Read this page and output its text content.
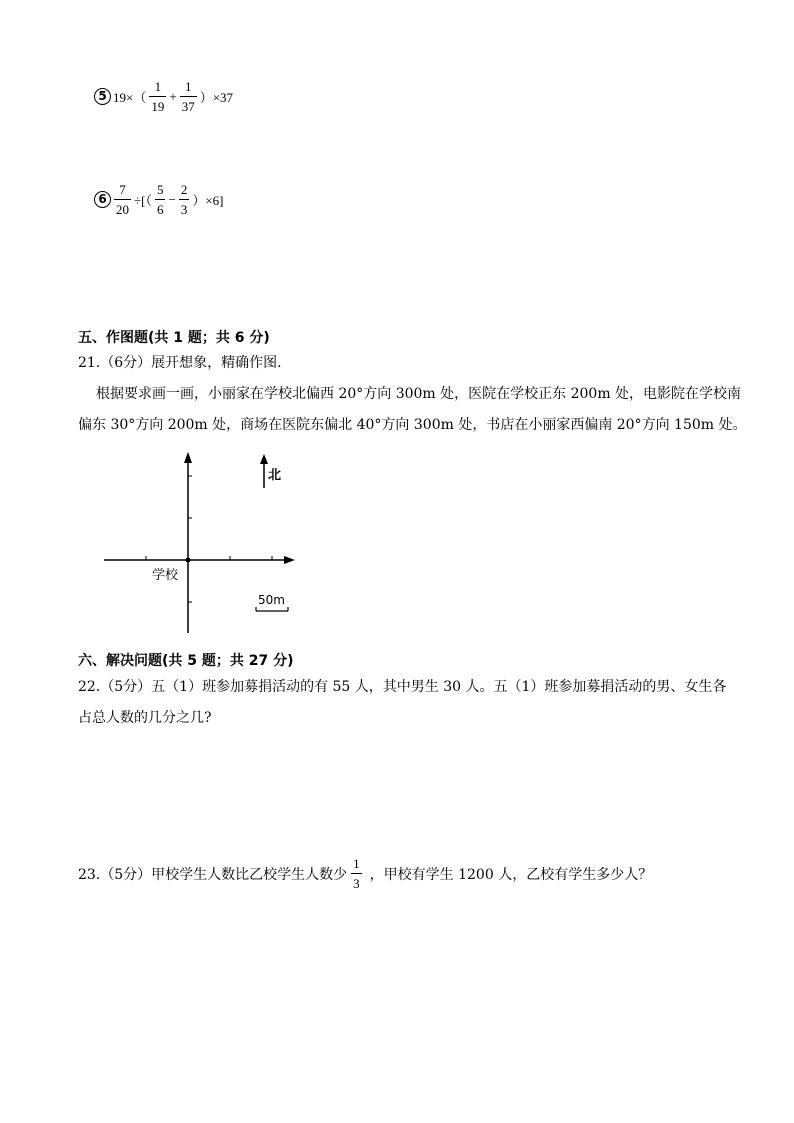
5 $19\times( \frac{1}{19} + \frac{1}{37} )\times 37$
$6 \frac{7}{20}$ ÷[（ $\frac{5}{6} - \frac{2}{3} )\times 6$]
五、作图题(共 1 题；共 6 分)
21.（6分）展开想象，精确作图.
根据要求画一画，小丽家在学校北偏西 20°方向 300m 处，医院在学校正东 200m 处，电影院在学校南
偏东 30°方向 200m 处，商场在医院东偏北 40°方向 300m 处，书店在小丽家西偏南 20°方向 150m 处。
学校
北
50m
六、解决问题(共 5 题；共 27 分)
22.（5分）五（1）班参加募捐活动的有 55 人，其中男生 30 人。五（1）班参加募捐活动的男、女生各
占总人数的几分之几?
23.（5分）甲校学生人数比乙校学生人数少 $\frac{1}{3}$ ，甲校有学生 1200 人，乙校有学生多少人？
